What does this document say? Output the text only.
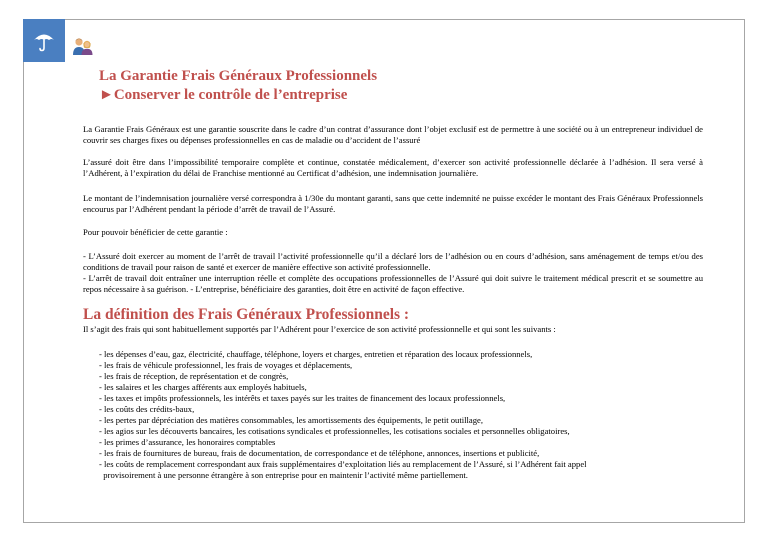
La Garantie Frais Généraux Professionnels
►Conserver le contrôle de l’entreprise

La Garantie Frais Généraux est une garantie souscrite dans le cadre d’un contrat d’assurance dont l’objet exclusif est de permettre à une société ou à un entrepreneur individuel de couvrir ses charges fixes ou dépenses professionnelles en cas de maladie ou d’accident de l’assuré

L’assuré doit être dans l’impossibilité temporaire complète et continue, constatée médicalement, d’exercer son activité professionnelle déclarée à l’adhésion. Il sera versé à l’Adhérent, à l’expiration du délai de Franchise mentionné au Certificat d’adhésion, une indemnisation journalière.

Le montant de l’indemnisation journalière versé correspondra à 1/30e du montant garanti, sans que cette indemnité ne puisse excéder le montant des Frais Généraux Professionnels encourus par l’Adhérent pendant la période d’arrêt de travail de l’Assuré.

Pour pouvoir bénéficier de cette garantie :

- L’Assuré doit exercer au moment de l’arrêt de travail l’activité professionnelle qu’il a déclaré lors de l’adhésion ou en cours d’adhésion, sans aménagement de temps et/ou des conditions de travail pour raison de santé et exercer de manière effective son activité professionnelle.

- L’arrêt de travail doit entraîner une interruption réelle et complète des occupations professionnelles de l’Assuré qui doit suivre le traitement médical prescrit et se soumettre au repos nécessaire à sa guérison. - L’entreprise, bénéficiaire des garanties, doit être en activité de façon effective.

La définition des Frais Généraux Professionnels :

Il s’agit des frais qui sont habituellement supportés par l’Adhérent pour l’exercice de son activité professionnelle et qui sont les suivants :

- les dépenses d’eau, gaz, électricité, chauffage, téléphone, loyers et charges, entretien et réparation des locaux professionnels,
- les frais de véhicule professionnel, les frais de voyages et déplacements,
- les frais de réception, de représentation et de congrès,
- les salaires et les charges afférents aux employés habituels,
- les taxes et impôts professionnels, les intérêts et taxes payés sur les traites de financement des locaux professionnels,
- les coûts des crédits-baux,
- les pertes par dépréciation des matières consommables, les amortissements des équipements, le petit outillage,
- les agios sur les découverts bancaires, les cotisations syndicales et professionnelles, les cotisations sociales et personnelles obligatoires,
- les primes d’assurance, les honoraires comptables
- les frais de fournitures de bureau, frais de documentation, de correspondance et de téléphone, annonces, insertions et publicité,
- les coûts de remplacement correspondant aux frais supplémentaires d’exploitation liés au remplacement de l’Assuré, si l’Adhérent fait appel
provisoirement à une personne étrangère à son entreprise pour en maintenir l’activité même partiellement.
